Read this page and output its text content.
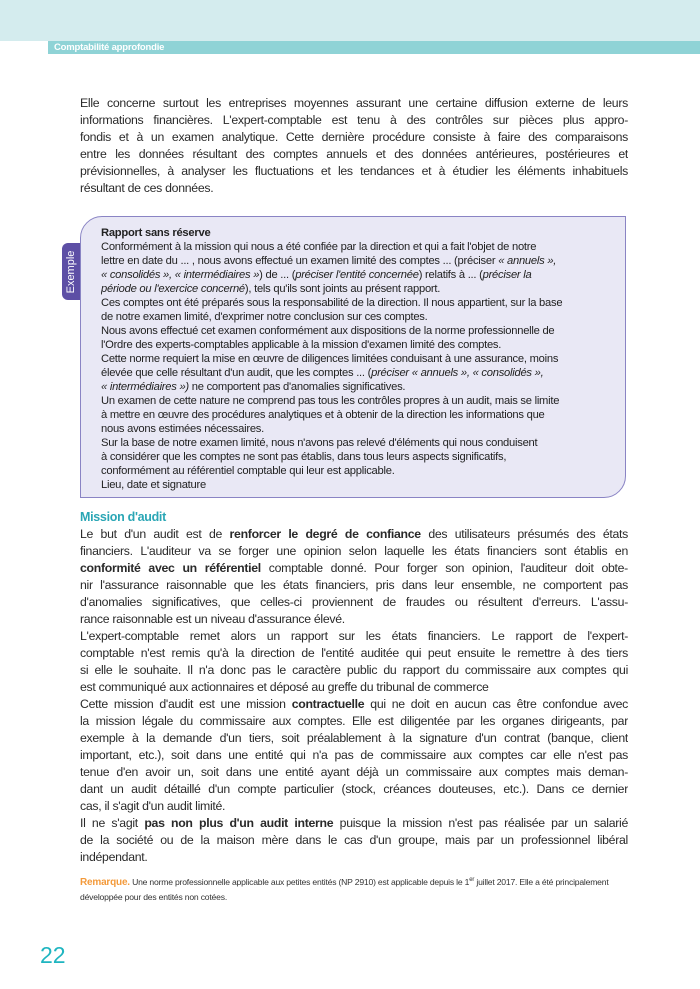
Comptabilité approfondie
Elle concerne surtout les entreprises moyennes assurant une certaine diffusion externe de leurs
informations financières. L'expert-comptable est tenu à des contrôles sur pièces plus appro-
fondis et à un examen analytique. Cette dernière procédure consiste à faire des comparaisons
entre les données résultant des comptes annuels et des données antérieures, postérieures et
prévisionnelles, à analyser les fluctuations et les tendances et à étudier les éléments inhabituels
résultant de ces données.
Exemple
Rapport sans réserve
Conformément à la mission qui nous a été confiée par la direction et qui a fait l'objet de notre
lettre en date du ... , nous avons effectué un examen limité des comptes ... (préciser « annuels »,
« consolidés », « intermédiaires ») de ... (préciser l'entité concernée) relatifs à ... (préciser la
période ou l'exercice concerné), tels qu'ils sont joints au présent rapport.
Ces comptes ont été préparés sous la responsabilité de la direction. Il nous appartient, sur la base
de notre examen limité, d'exprimer notre conclusion sur ces comptes.
Nous avons effectué cet examen conformément aux dispositions de la norme professionnelle de
l'Ordre des experts-comptables applicable à la mission d'examen limité des comptes.
Cette norme requiert la mise en œuvre de diligences limitées conduisant à une assurance, moins
élevée que celle résultant d'un audit, que les comptes ... (préciser « annuels », « consolidés »,
« intermédiaires ») ne comportent pas d'anomalies significatives.
Un examen de cette nature ne comprend pas tous les contrôles propres à un audit, mais se limite
à mettre en œuvre des procédures analytiques et à obtenir de la direction les informations que
nous avons estimées nécessaires.
Sur la base de notre examen limité, nous n'avons pas relevé d'éléments qui nous conduisent
à considérer que les comptes ne sont pas établis, dans tous leurs aspects significatifs,
conformément au référentiel comptable qui leur est applicable.
Lieu, date et signature
Mission d'audit
Le but d'un audit est de renforcer le degré de confiance des utilisateurs présumés des états
financiers. L'auditeur va se forger une opinion selon laquelle les états financiers sont établis en
conformité avec un référentiel comptable donné. Pour forger son opinion, l'auditeur doit obte-
nir l'assurance raisonnable que les états financiers, pris dans leur ensemble, ne comportent pas
d'anomalies significatives, que celles-ci proviennent de fraudes ou résultent d'erreurs. L'assu-
rance raisonnable est un niveau d'assurance élevé.
L'expert-comptable remet alors un rapport sur les états financiers. Le rapport de l'expert-
comptable n'est remis qu'à la direction de l'entité auditée qui peut ensuite le remettre à des tiers
si elle le souhaite. Il n'a donc pas le caractère public du rapport du commissaire aux comptes qui
est communiqué aux actionnaires et déposé au greffe du tribunal de commerce
Cette mission d'audit est une mission contractuelle qui ne doit en aucun cas être confondue avec
la mission légale du commissaire aux comptes. Elle est diligentée par les organes dirigeants, par
exemple à la demande d'un tiers, soit préalablement à la signature d'un contrat (banque, client
important, etc.), soit dans une entité qui n'a pas de commissaire aux comptes car elle n'est pas
tenue d'en avoir un, soit dans une entité ayant déjà un commissaire aux comptes mais deman-
dant un audit détaillé d'un compte particulier (stock, créances douteuses, etc.). Dans ce dernier
cas, il s'agit d'un audit limité.
Il ne s'agit pas non plus d'un audit interne puisque la mission n'est pas réalisée par un salarié
de la société ou de la maison mère dans le cas d'un groupe, mais par un professionnel libéral
indépendant.
Remarque. Une norme professionnelle applicable aux petites entités (NP 2910) est applicable depuis le 1er juillet 2017. Elle a été principalement
développée pour des entités non cotées.
22
